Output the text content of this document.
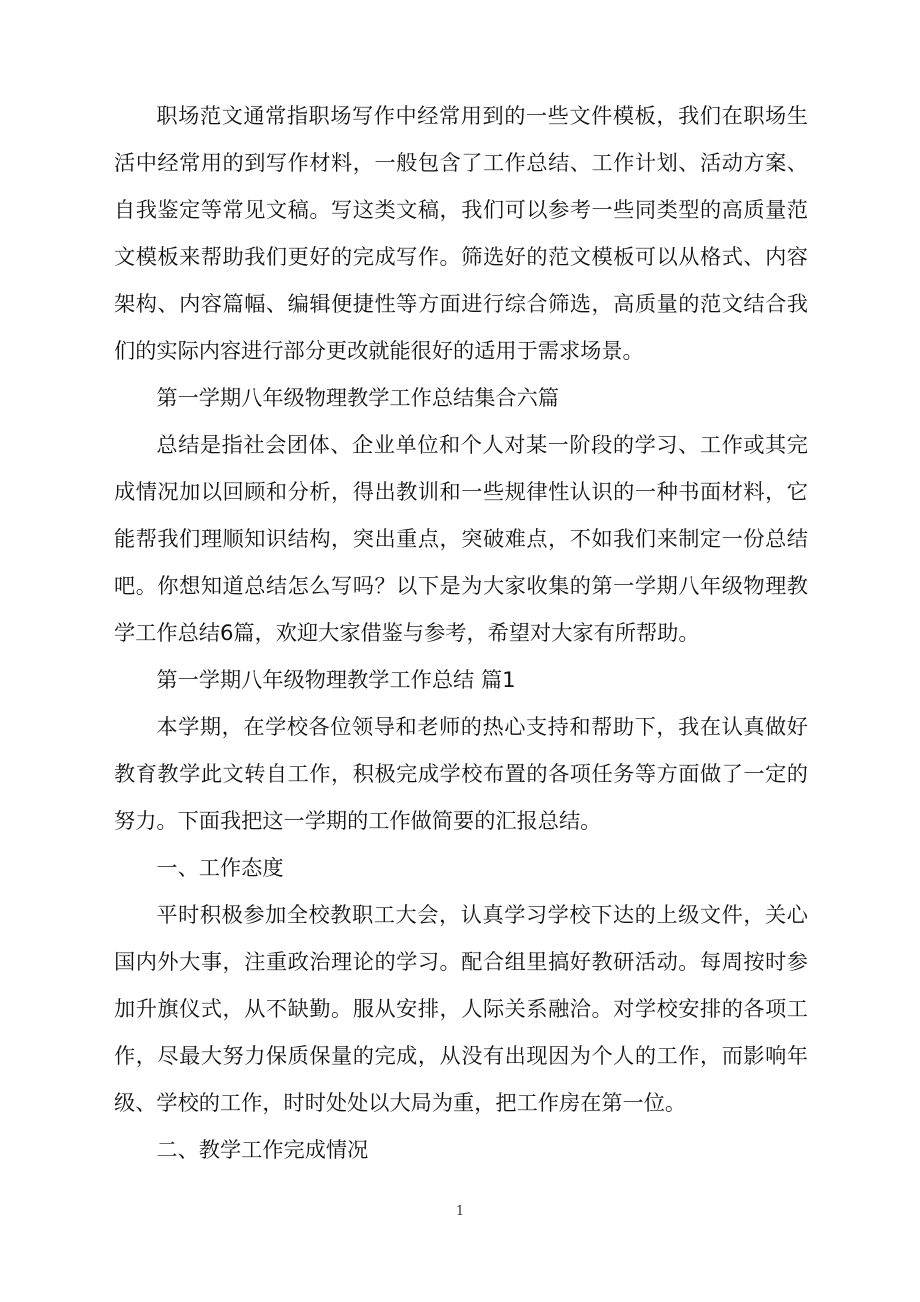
职场范文通常指职场写作中经常用到的一些文件模板，我们在职场生活中经常用的到写作材料，一般包含了工作总结、工作计划、活动方案、自我鉴定等常见文稿。写这类文稿，我们可以参考一些同类型的高质量范文模板来帮助我们更好的完成写作。筛选好的范文模板可以从格式、内容架构、内容篇幅、编辑便捷性等方面进行综合筛选，高质量的范文结合我们的实际内容进行部分更改就能很好的适用于需求场景。

第一学期八年级物理教学工作总结集合六篇

总结是指社会团体、企业单位和个人对某一阶段的学习、工作或其完成情况加以回顾和分析，得出教训和一些规律性认识的一种书面材料，它能帮我们理顺知识结构，突出重点，突破难点，不如我们来制定一份总结吧。你想知道总结怎么写吗？以下是为大家收集的第一学期八年级物理教学工作总结6篇，欢迎大家借鉴与参考，希望对大家有所帮助。

第一学期八年级物理教学工作总结 篇1

本学期，在学校各位领导和老师的热心支持和帮助下，我在认真做好教育教学此文转自工作，积极完成学校布置的各项任务等方面做了一定的努力。下面我把这一学期的工作做简要的汇报总结。

一、工作态度

平时积极参加全校教职工大会，认真学习学校下达的上级文件，关心国内外大事，注重政治理论的学习。配合组里搞好教研活动。每周按时参加升旗仪式，从不缺勤。服从安排，人际关系融洽。对学校安排的各项工作，尽最大努力保质保量的完成，从没有出现因为个人的工作，而影响年级、学校的工作，时时处处以大局为重，把工作房在第一位。

二、教学工作完成情况

1
